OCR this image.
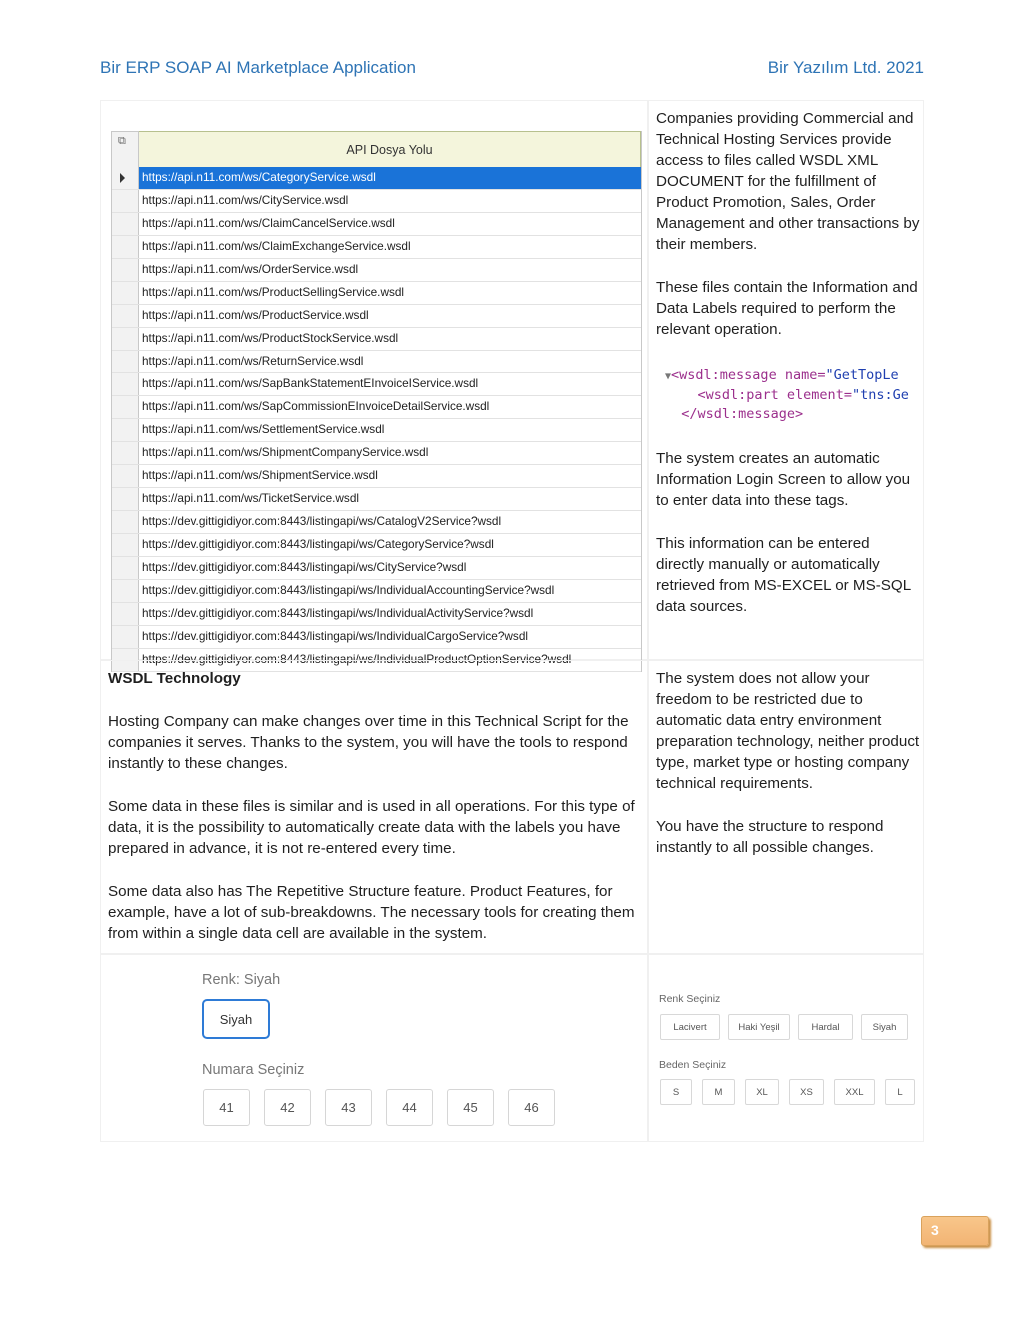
Bir ERP SOAP AI Marketplace Application	Bir Yazılım Ltd. 2021
⧉
API Dosya Yolu
https://api.n11.com/ws/CategoryService.wsdl
https://api.n11.com/ws/CityService.wsdl
https://api.n11.com/ws/ClaimCancelService.wsdl
https://api.n11.com/ws/ClaimExchangeService.wsdl
https://api.n11.com/ws/OrderService.wsdl
https://api.n11.com/ws/ProductSellingService.wsdl
https://api.n11.com/ws/ProductService.wsdl
https://api.n11.com/ws/ProductStockService.wsdl
https://api.n11.com/ws/ReturnService.wsdl
https://api.n11.com/ws/SapBankStatementEInvoiceIService.wsdl
https://api.n11.com/ws/SapCommissionEInvoiceDetailService.wsdl
https://api.n11.com/ws/SettlementService.wsdl
https://api.n11.com/ws/ShipmentCompanyService.wsdl
https://api.n11.com/ws/ShipmentService.wsdl
https://api.n11.com/ws/TicketService.wsdl
https://dev.gittigidiyor.com:8443/listingapi/ws/CatalogV2Service?wsdl
https://dev.gittigidiyor.com:8443/listingapi/ws/CategoryService?wsdl
https://dev.gittigidiyor.com:8443/listingapi/ws/CityService?wsdl
https://dev.gittigidiyor.com:8443/listingapi/ws/IndividualAccountingService?wsdl
https://dev.gittigidiyor.com:8443/listingapi/ws/IndividualActivityService?wsdl
https://dev.gittigidiyor.com:8443/listingapi/ws/IndividualCargoService?wsdl
https://dev.gittigidiyor.com:8443/listingapi/ws/IndividualProductOptionService?wsdl

Companies providing Commercial and Technical Hosting Services provide access to files called WSDL XML DOCUMENT for the fulfillment of Product Promotion, Sales, Order Management and other transactions by their members.

These files contain the Information and Data Labels required to perform the relevant operation.

▼<wsdl:message name="GetTopLe
<wsdl:part element="tns:Ge
</wsdl:message>

The system creates an automatic Information Login Screen to allow you to enter data into these tags.

This information can be entered directly manually or automatically retrieved from MS-EXCEL or MS-SQL data sources.

WSDL Technology

Hosting Company can make changes over time in this Technical Script for the companies it serves. Thanks to the system, you will have the tools to respond instantly to these changes.

Some data in these files is similar and is used in all operations. For this type of data, it is the possibility to automatically create data with the labels you have prepared in advance, it is not re-entered every time.

Some data also has The Repetitive Structure feature. Product Features, for example, have a lot of sub-breakdowns. The necessary tools for creating them from within a single data cell are available in the system.

The system does not allow your freedom to be restricted due to automatic data entry environment preparation technology, neither product type, market type or hosting company technical requirements.

You have the structure to respond instantly to all possible changes.

Renk: Siyah
Siyah
Numara Seçiniz
41	42	43	44	45	46
Renk Seçiniz
Lacivert	Haki Yeşil	Hardal	Siyah
Beden Seçiniz
S	M	XL	XS	XXL	L
3
